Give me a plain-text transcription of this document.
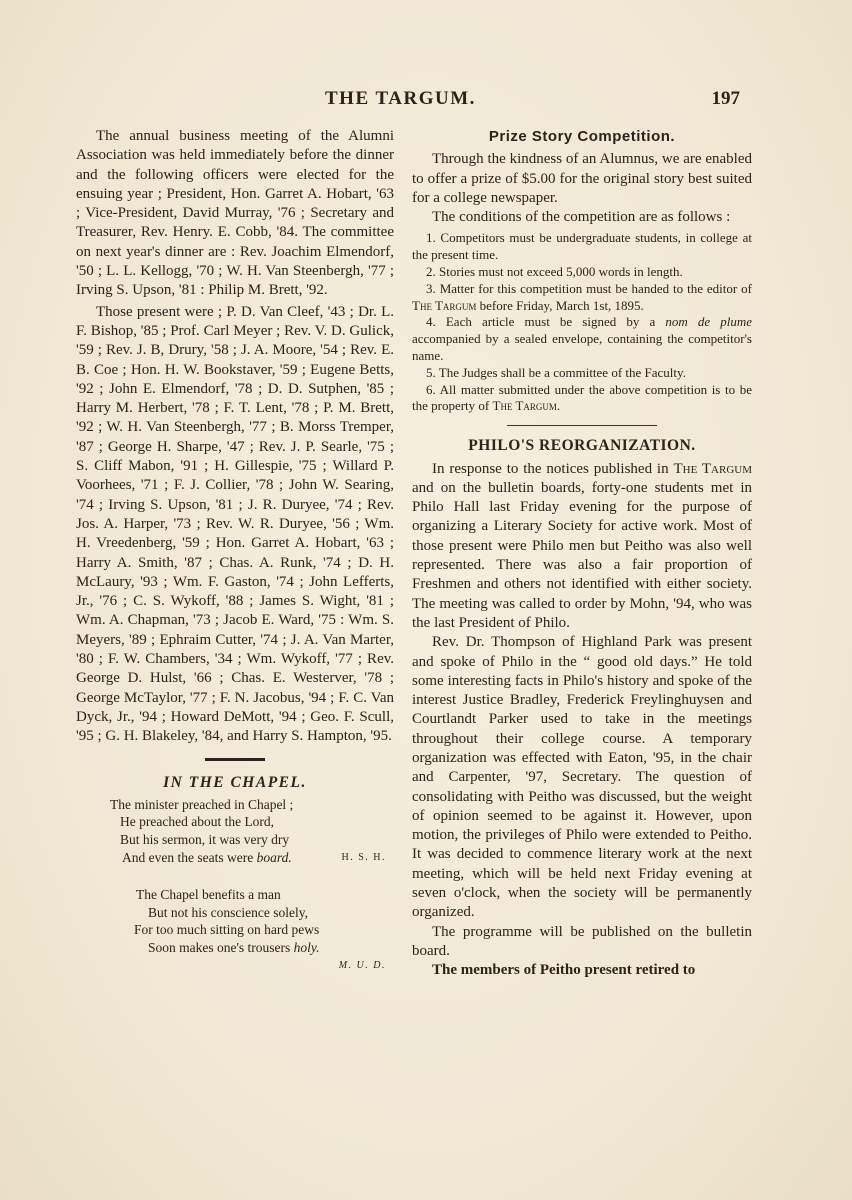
THE TARGUM.	197

The annual business meeting of the Alumni Association was held immediately before the dinner and the following officers were elected for the ensuing year ; President, Hon. Garret A. Hobart, '63 ; Vice-President, David Murray, '76 ; Secretary and Treasurer, Rev. Henry. E. Cobb, '84. The committee on next year's dinner are : Rev. Joachim Elmendorf, '50 ; L. L. Kellogg, '70 ; W. H. Van Steenbergh, '77 ; Irving S. Upson, '81 : Philip M. Brett, '92.

Those present were ; P. D. Van Cleef, '43 ; Dr. L. F. Bishop, '85 ; Prof. Carl Meyer ; Rev. V. D. Gulick, '59 ; Rev. J. B, Drury, '58 ; J. A. Moore, '54 ; Rev. E. B. Coe ; Hon. H. W. Bookstaver, '59 ; Eugene Betts, '92 ; John E. Elmendorf, '78 ; D. D. Sutphen, '85 ; Harry M. Herbert, '78 ; F. T. Lent, '78 ; P. M. Brett, '92 ; W. H. Van Steenbergh, '77 ; B. Morss Tremper, '87 ; George H. Sharpe, '47 ; Rev. J. P. Searle, '75 ; S. Cliff Mabon, '91 ; H. Gillespie, '75 ; Willard P. Voorhees, '71 ; F. J. Collier, '78 ; John W. Searing, '74 ; Irving S. Upson, '81 ; J. R. Duryee, '74 ; Rev. Jos. A. Harper, '73 ; Rev. W. R. Duryee, '56 ; Wm. H. Vreedenberg, '59 ; Hon. Garret A. Hobart, '63 ; Harry A. Smith, '87 ; Chas. A. Runk, '74 ; D. H. McLaury, '93 ; Wm. F. Gaston, '74 ; John Lefferts, Jr., '76 ; C. S. Wykoff, '88 ; James S. Wight, '81 ; Wm. A. Chapman, '73 ; Jacob E. Ward, '75 : Wm. S. Meyers, '89 ; Ephraim Cutter, '74 ; J. A. Van Marter, '80 ; F. W. Chambers, '34 ; Wm. Wykoff, '77 ; Rev. George D. Hulst, '66 ; Chas. E. Westerver, '78 ; George McTaylor, '77 ; F. N. Jacobus, '94 ; F. C. Van Dyck, Jr., '94 ; Howard DeMott, '94 ; Geo. F. Scull, '95 ; G. H. Blakeley, '84, and Harry S. Hampton, '95.

IN THE CHAPEL.
The minister preached in Chapel ;
He preached about the Lord,
But his sermon, it was very dry
And even the seats were board.	H. S. H.
The Chapel benefits a man
But not his conscience solely,
For too much sitting on hard pews
Soon makes one's trousers holy.
M. U. D.
Prize Story Competition.

Through the kindness of an Alumnus, we are enabled to offer a prize of $5.00 for the original story best suited for a college newspaper.

The conditions of the competition are as follows :

1. Competitors must be undergraduate students, in college at the present time.

2. Stories must not exceed 5,000 words in length.

3. Matter for this competition must be handed to the editor of The Targum before Friday, March 1st, 1895.

4. Each article must be signed by a nom de plume accompanied by a sealed envelope, containing the competitor's name.

5. The Judges shall be a committee of the Faculty.

6. All matter submitted under the above competition is to be the property of The Targum.

PHILO'S REORGANIZATION.

In response to the notices published in The Targum and on the bulletin boards, forty-one students met in Philo Hall last Friday evening for the purpose of organizing a Literary Society for active work. Most of those present were Philo men but Peitho was also well represented. There was also a fair proportion of Freshmen and others not identified with either society. The meeting was called to order by Mohn, '94, who was the last President of Philo.

Rev. Dr. Thompson of Highland Park was present and spoke of Philo in the “ good old days.” He told some interesting facts in Philo's history and spoke of the interest Justice Bradley, Frederick Freylinghuysen and Courtlandt Parker used to take in the meetings throughout their college course. A temporary organization was effected with Eaton, '95, in the chair and Carpenter, '97, Secretary. The question of consolidating with Peitho was discussed, but the weight of opinion seemed to be against it. However, upon motion, the privileges of Philo were extended to Peitho. It was decided to commence literary work at the next meeting, which will be held next Friday evening at seven o'clock, when the society will be permanently organized.

The programme will be published on the bulletin board.

The members of Peitho present retired to
